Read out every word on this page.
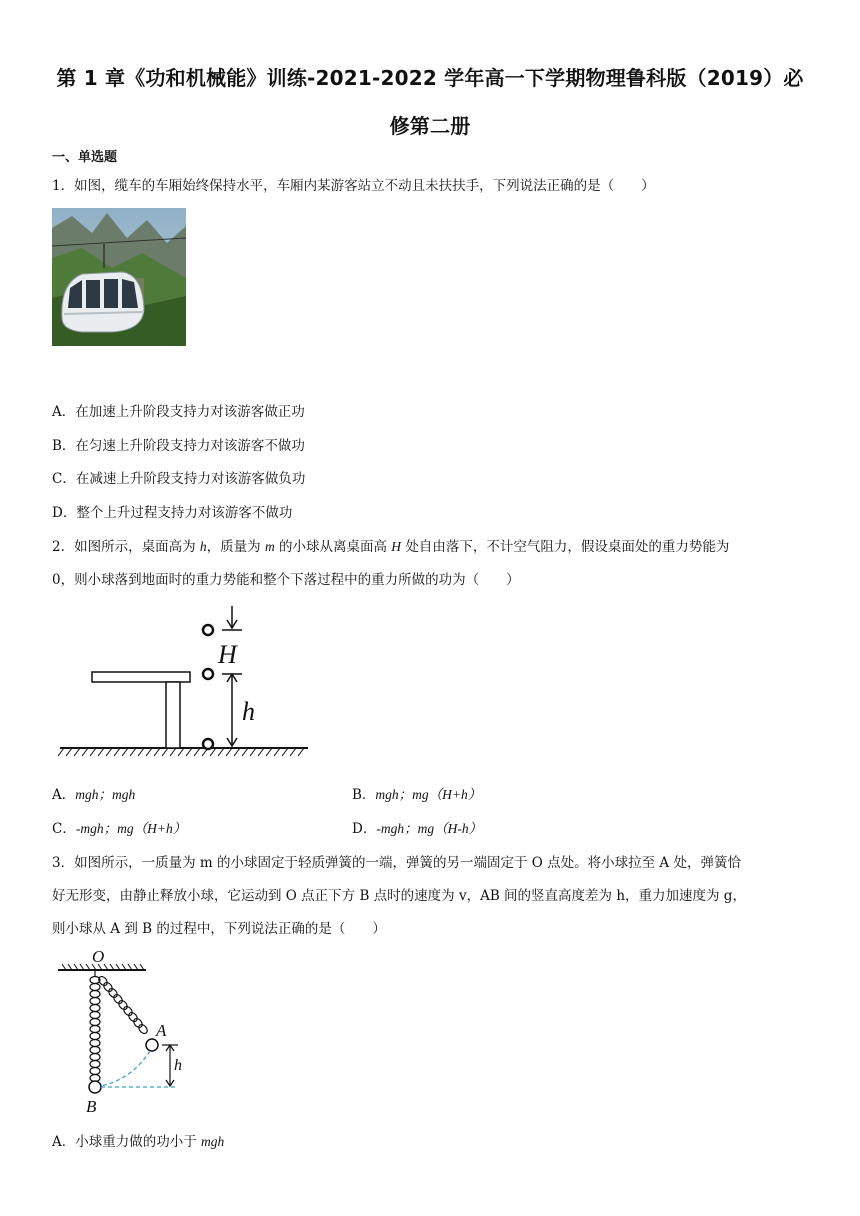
第 1 章《功和机械能》训练-2021-2022 学年高一下学期物理鲁科版（2019）必
修第二册
一、单选题
1．如图，缆车的车厢始终保持水平，车厢内某游客站立不动且未扶扶手，下列说法正确的是（　　）
A．在加速上升阶段支持力对该游客做正功
B．在匀速上升阶段支持力对该游客不做功
C．在减速上升阶段支持力对该游客做负功
D．整个上升过程支持力对该游客不做功
2．如图所示，桌面高为 h，质量为 m 的小球从离桌面高 H 处自由落下，不计空气阻力，假设桌面处的重力势能为
0，则小球落到地面时的重力势能和整个下落过程中的重力所做的功为（　　）
H
h
A．mgh；mgh	B．mgh；mg（H+h）
C．-mgh；mg（H+h）	D．-mgh；mg（H-h）
3．如图所示，一质量为 m 的小球固定于轻质弹簧的一端，弹簧的另一端固定于 O 点处。将小球拉至 A 处，弹簧恰
好无形变，由静止释放小球，它运动到 O 点正下方 B 点时的速度为 v，AB 间的竖直高度差为 h，重力加速度为 g，
则小球从 A 到 B 的过程中，下列说法正确的是（　　）
O
B
A
h
A．小球重力做的功小于 mgh
